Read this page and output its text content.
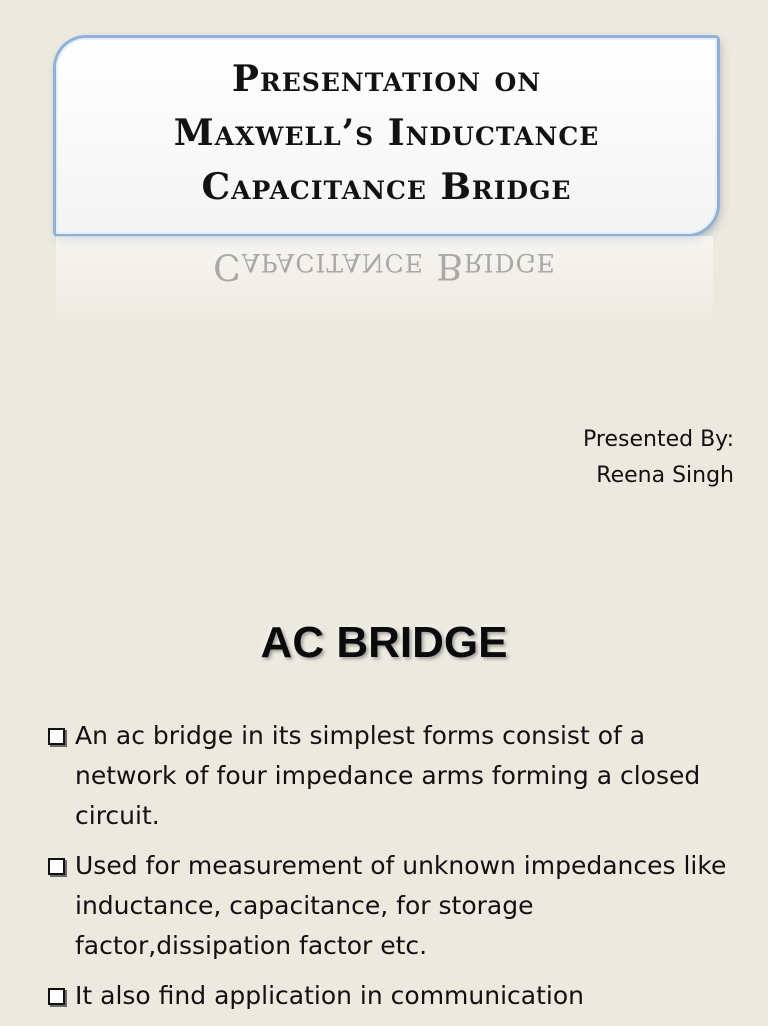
Presentation on
Maxwell’s Inductance
Capacitance Bridge
Capacitance Bridge
Presented By:
Reena Singh
AC BRIDGE
An ac bridge in its simplest forms consist of a network of four impedance arms forming a closed circuit.
Used for measurement of unknown impedances like inductance, capacitance, for storage factor,dissipation factor etc.
It also find application in communication
